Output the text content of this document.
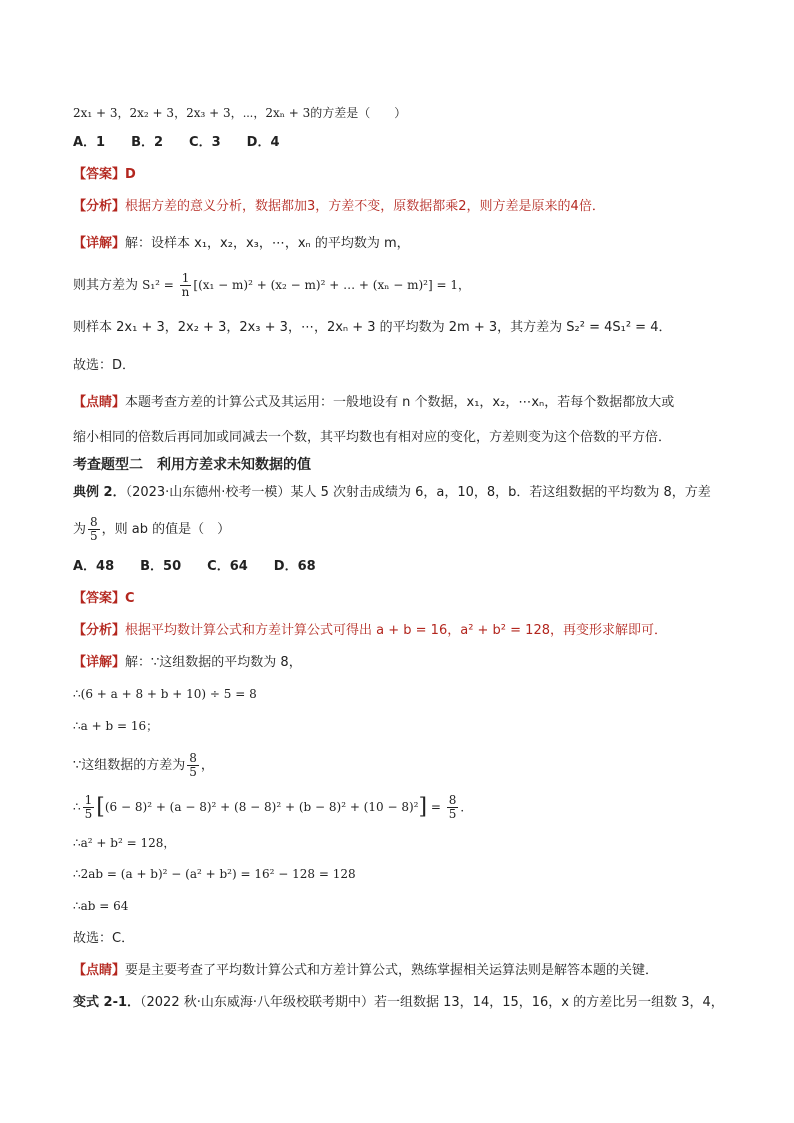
2x₁ + 3，2x₂ + 3，2x₃ + 3，⋯，2xₙ + 3的方差是（　　）
A．1　　B．2　　C．3　　D．4
【答案】D
【分析】根据方差的意义分析，数据都加3，方差不变，原数据都乘2，则方差是原来的4倍．
【详解】解：设样本 x₁，x₂，x₃，⋯，xₙ 的平均数为 m，
则其方差为 $S_1^2 = \frac{1}{n} [(x_1 - m)^2 + (x_2 - m)^2$ + … + (xₙ − m)²] = 1，
则样本 2x₁ + 3，2x₂ + 3，2x₃ + 3，⋯，2xₙ + 3 的平均数为 2m + 3，其方差为 S₂² = 4S₁² = 4．
故选：D．
【点睛】本题考查方差的计算公式及其运用：一般地设有 n 个数据，x₁，x₂，⋯xₙ，若每个数据都放大或
缩小相同的倍数后再同加或同减去一个数，其平均数也有相对应的变化，方差则变为这个倍数的平方倍．
考查题型二　利用方差求未知数据的值
典例 2．（2023·山东德州·校考一模）某人 5 次射击成绩为 6，a，10，8，b．若这组数据的平均数为 8，方差
为 $\frac{8}{5}$ ，则 ab 的值是（　）
A．48　　B．50　　C．64　　D．68
【答案】C
【分析】根据平均数计算公式和方差计算公式可得出 a + b = 16，a² + b² = 128，再变形求解即可．
【详解】解：∵这组数据的平均数为 8，
∴(6 + a + 8 + b + 10) ÷ 5 = 8
∴a + b = 16；
∵这组数据的方差为 $\frac{8}{5}$ ，
∴ $\frac{1}{5} [(6 - 8)^2 + (a - 8)^2 + (8 - 8)^2 + (b - 8)^2 + (10 - 8)^2] = \frac{8}{5}$ ．
∴a² + b² = 128，
∴2ab = (a + b)² − (a² + b²) = 16² − 128 = 128
∴ab = 64
故选：C．
【点睛】要是主要考查了平均数计算公式和方差计算公式，熟练掌握相关运算法则是解答本题的关键．
变式 2-1．（2022 秋·山东威海·八年级校联考期中）若一组数据 13，14，15，16，x 的方差比另一组数 3，4，
